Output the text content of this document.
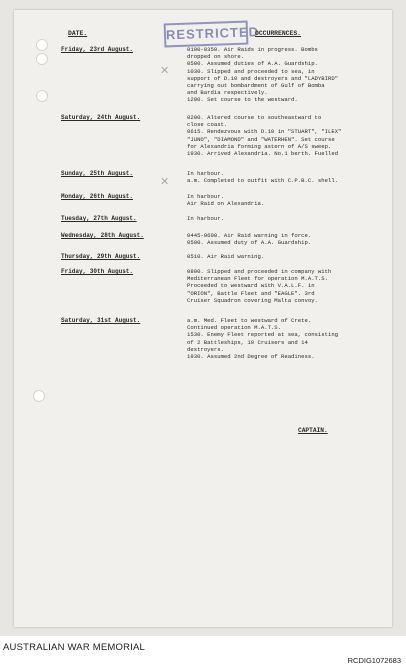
RESTRICTED
DATE.	OCCURRENCES.
✕
✕
Friday, 23rd August.	0100-0350. Air Raids in progress. Bombs
dropped on shore.
0500. Assumed duties of A.A. Guardship.
1030. Slipped and proceeded to sea, in
support of D.10 and destroyers and "LADYBIRD"
carrying out bombardment of Gulf of Bomba
and Bardia respectively.
1200. Set course to the westward.
Saturday, 24th August.	0200. Altered course to southeastward to
close coast.
0615. Rendezvous with D.10 in "STUART", "ILEX"
"JUNO", "DIAMOND" and "WATERHEN". Set course
for Alexandria forming astern of A/S sweep.
1930. Arrived Alexandria. No.1 berth. Fuelled
Sunday, 25th August.	In harbour.
a.m. Completed to outfit with C.P.B.C. shell.
Monday, 26th August.	In harbour.
Air Raid on Alexandria.
Tuesday, 27th August.	In harbour.
Wednesday, 28th August.	0445-0600. Air Raid warning in force.
0500. Assumed duty of A.A. Guardship.
Thursday, 29th August.	0510. Air Raid warning.
Friday, 30th August.	0800. Slipped and proceeded in company with
Mediterranean Fleet for operation M.A.T.S.
Proceeded to westward with V.A.L.F. in
"ORION", Battle Fleet and "EAGLE". 3rd
Cruiser Squadron covering Malta convoy.
Saturday, 31st August.	a.m. Med. Fleet to westward of Crete.
Continued operation M.A.T.S.
1530. Enemy Fleet reported at sea, consisting
of 2 Battleships, 10 Cruisers and 14
destroyers.
1930. Assumed 2nd Degree of Readiness.
CAPTAIN.
AUSTRALIAN WAR MEMORIAL
RCDIG1072683
